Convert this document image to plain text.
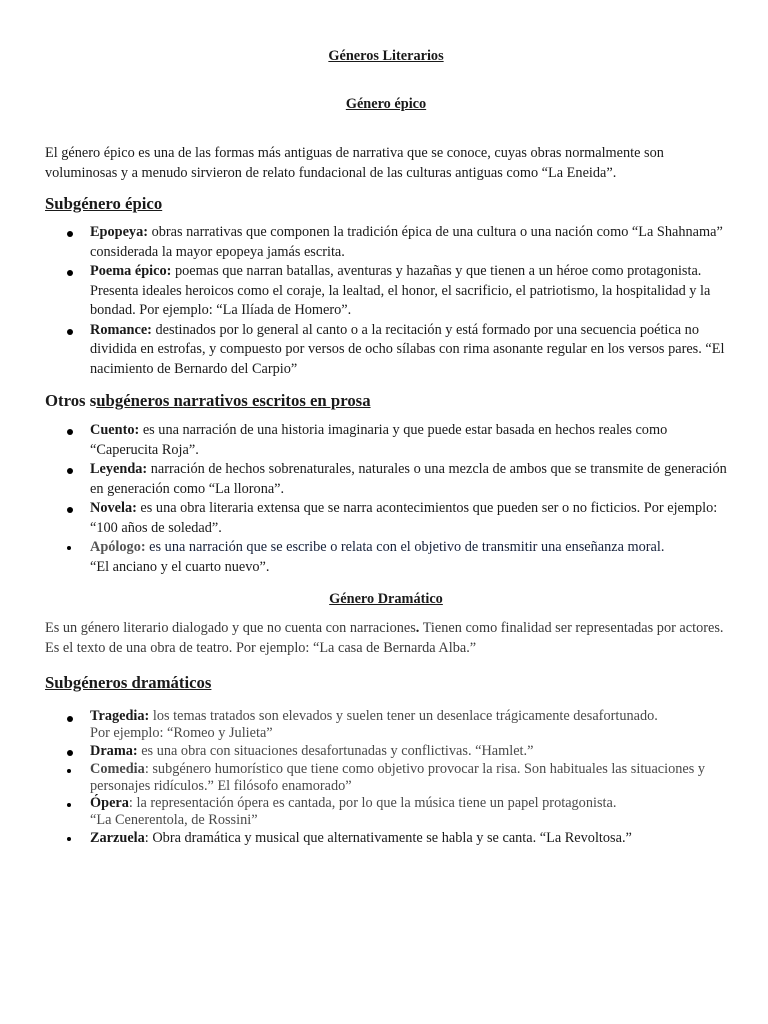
Géneros Literarios
Género épico

El género épico es una de las formas más antiguas de narrativa que se conoce, cuyas obras normalmente son voluminosas y a menudo sirvieron de relato fundacional de las culturas antiguas como “La Eneida”.

Subgénero épico
Epopeya: obras narrativas que componen la tradición épica de una cultura o una nación como “La Shahnama” considerada la mayor epopeya jamás escrita.
Poema épico: poemas que narran batallas, aventuras y hazañas y que tienen a un héroe como protagonista. Presenta ideales heroicos como el coraje, la lealtad, el honor, el sacrificio, el patriotismo, la hospitalidad y la bondad. Por ejemplo: “La Ilíada de Homero”.
Romance: destinados por lo general al canto o a la recitación y está formado por una secuencia poética no dividida en estrofas, y compuesto por versos de ocho sílabas con rima asonante regular en los versos pares. “El nacimiento de Bernardo del Carpio”
Otros subgéneros narrativos escritos en prosa
Cuento: es una narración de una historia imaginaria y que puede estar basada en hechos reales como “Caperucita Roja”.
Leyenda: narración de hechos sobrenaturales, naturales o una mezcla de ambos que se transmite de generación en generación como “La llorona”.
Novela: es una obra literaria extensa que se narra acontecimientos que pueden ser o no ficticios. Por ejemplo: “100 años de soledad”.
Apólogo: es una narración que se escribe o relata con el objetivo de transmitir una enseñanza moral.
“El anciano y el cuarto nuevo”.
Género Dramático

Es un género literario dialogado y que no cuenta con narraciones. Tienen como finalidad ser representadas por actores. Es el texto de una obra de teatro. Por ejemplo: “La casa de Bernarda Alba.”

Subgéneros dramáticos
Tragedia: los temas tratados son elevados y suelen tener un desenlace trágicamente desafortunado.
Por ejemplo: “Romeo y Julieta”
Drama: es una obra con situaciones desafortunadas y conflictivas. “Hamlet.”
Comedia: subgénero humorístico que tiene como objetivo provocar la risa. Son habituales las situaciones y personajes ridículos.” El filósofo enamorado”
Ópera: la representación ópera es cantada, por lo que la música tiene un papel protagonista.
“La Cenerentola, de Rossini”
Zarzuela: Obra dramática y musical que alternativamente se habla y se canta. “La Revoltosa.”
